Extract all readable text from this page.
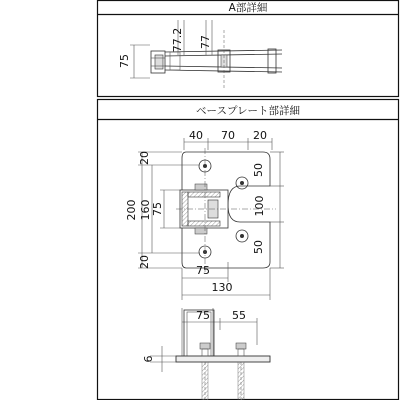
A部詳細
75
77.2 77
ベースプレート部詳細
40 70 20
20
200 160 75
20
50
100
50
75
130
75 55
6
